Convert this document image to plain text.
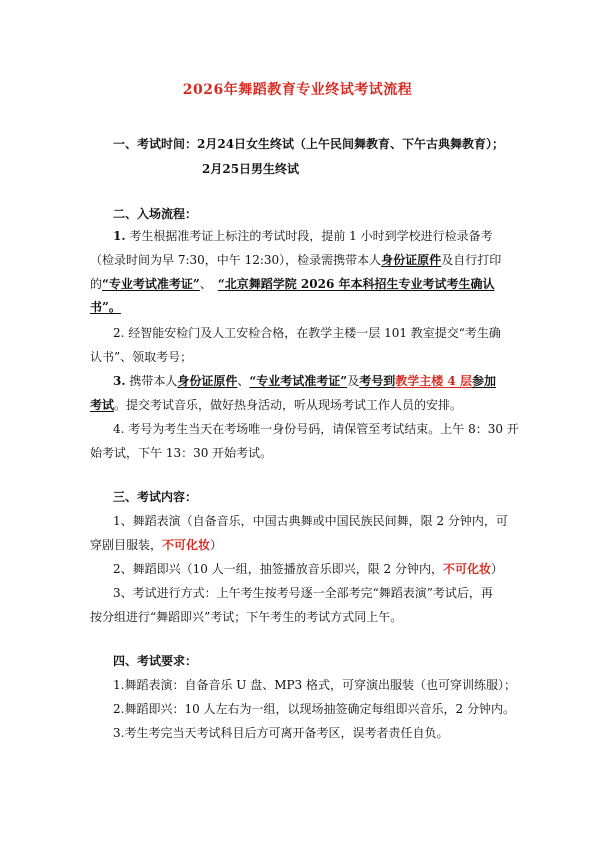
2026年舞蹈教育专业终试考试流程
一、考试时间：2月24日女生终试（上午民间舞教育、下午古典舞教育）；
2月25日男生终试
二、入场流程：
1. 考生根据准考证上标注的考试时段，提前 1 小时到学校进行检录备考
（检录时间为早 7:30，中午 12:30），检录需携带本人身份证原件及自行打印
的“专业考试准考证”、 “北京舞蹈学院 2026 年本科招生专业考试考生确认
书”。
2. 经智能安检门及人工安检合格，在教学主楼一层 101 教室提交“考生确
认书”、领取考号；
3. 携带本人身份证原件、“专业考试准考证”及考号到教学主楼 4 层参加
考试。提交考试音乐，做好热身活动，听从现场考试工作人员的安排。
4. 考号为考生当天在考场唯一身份号码，请保管至考试结束。上午 8：30 开
始考试，下午 13：30 开始考试。
三、考试内容：
1、舞蹈表演（自备音乐，中国古典舞或中国民族民间舞，限 2 分钟内，可
穿剧目服装，不可化妆）
2、舞蹈即兴（10 人一组，抽签播放音乐即兴，限 2 分钟内，不可化妆）
3、考试进行方式：上午考生按考号逐一全部考完“舞蹈表演”考试后，再
按分组进行“舞蹈即兴”考试；下午考生的考试方式同上午。
四、考试要求：
1.舞蹈表演：自备音乐 U 盘、MP3 格式，可穿演出服装（也可穿训练服）；
2.舞蹈即兴：10 人左右为一组，以现场抽签确定每组即兴音乐，2 分钟内。
3.考生考完当天考试科目后方可离开备考区，误考者责任自负。
